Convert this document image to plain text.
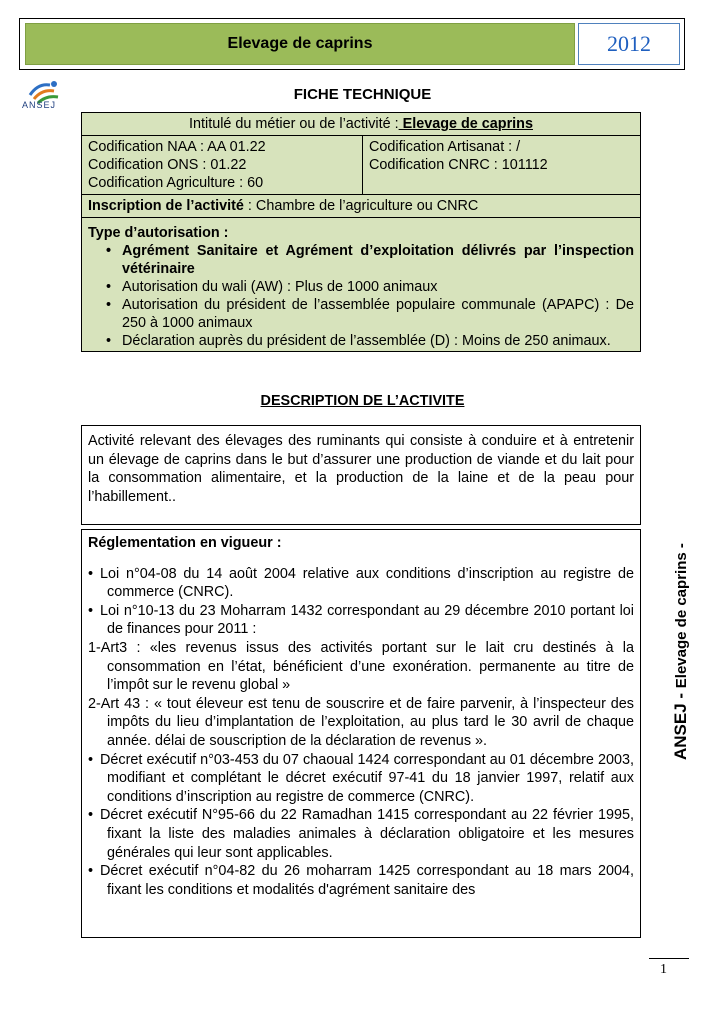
Elevage de caprins	2012
ANSEJ
FICHE TECHNIQUE
Intitulé du métier ou de l’activité : Elevage de caprins

Codification NAA : AA 01.22
Codification ONS : 01.22
Codification Agriculture : 60

Codification Artisanat : /
Codification CNRC : 101112

Inscription de l’activité : Chambre de l’agriculture ou CNRC

Type d’autorisation :
• Agrément Sanitaire et Agrément d’exploitation délivrés par l’inspection vétérinaire
• Autorisation du wali (AW) : Plus de 1000 animaux
• Autorisation du président de l’assemblée populaire communale (APAPC) : De 250 à 1000 animaux
• Déclaration auprès du président de l’assemblée (D) : Moins de 250 animaux.
DESCRIPTION DE L’ACTIVITE
Activité relevant des élevages des ruminants qui consiste à conduire et à entretenir un élevage de caprins dans le but d’assurer une production de viande et du lait pour la consommation alimentaire, et la production de la laine et de la peau pour l’habillement..

Réglementation en vigueur :

• Loi n°04-08 du 14 août 2004 relative aux conditions d’inscription au registre de commerce (CNRC).

• Loi n°10-13 du 23 Moharram 1432 correspondant au 29 décembre 2010 portant loi de finances pour 2011 :

1-Art3 : «les revenus issus des activités portant sur le lait cru destinés à la consommation en l’état, bénéficient d’une exonération. permanente au titre de l’impôt sur le revenu global »

2-Art 43 : « tout éleveur est tenu de souscrire et de faire parvenir, à l’inspecteur des impôts du lieu d’implantation de l’exploitation, au plus tard le 30 avril de chaque année. délai de souscription de la déclaration de revenus ».

• Décret exécutif n°03-453 du 07 chaoual 1424 correspondant au 01 décembre 2003, modifiant et complétant le décret exécutif 97-41 du 18 janvier 1997, relatif aux conditions d’inscription au registre de commerce (CNRC).

• Décret exécutif N°95-66 du 22 Ramadhan 1415 correspondant au 22 février 1995, fixant la liste des maladies animales à déclaration obligatoire et les mesures générales qui leur sont applicables.

• Décret exécutif n°04-82 du 26 moharram 1425 correspondant au 18 mars 2004, fixant les conditions et modalités d'agrément sanitaire des

ANSEJ - Elevage de caprins -
1
